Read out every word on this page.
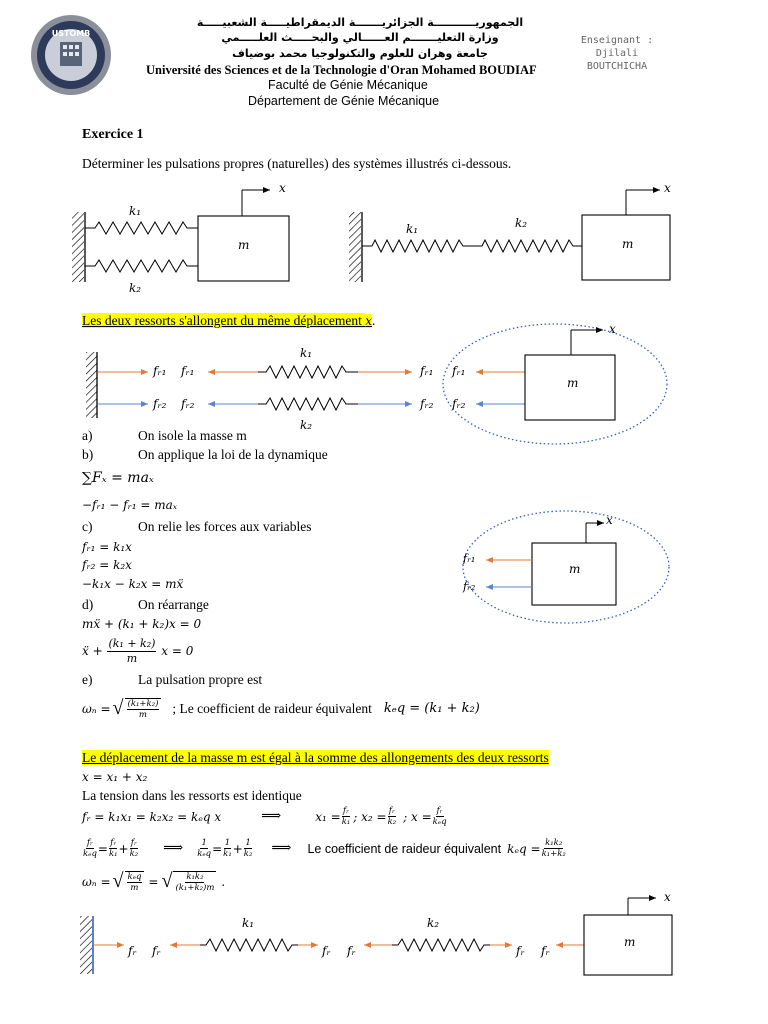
USTOMB
الجمهوريـــــــــــة الجزائريـــــــة الديمقراطيـــــة الشعبيـــــة
وزارة التعليـــــــم العــــــالي والبحـــــث العلـــــمي
جامعة وهران للعلوم والتكنولوجيا محمد بوضياف
Université des Sciences et de la Technologie d'Oran Mohamed BOUDIAF
Faculté de Génie Mécanique
Département de Génie Mécanique
Enseignant :
Djilali
BOUTCHICHA
Exercice 1
Déterminer les pulsations propres (naturelles) des systèmes illustrés ci-dessous.
k₁
k₂
m
x
k₁	k₂
m
x
k₁
k₂
fᵣ₁ fᵣ₁
fᵣ₂ fᵣ₂
fᵣ₁ fᵣ₁
fᵣ₂ fᵣ₂
m
x
fᵣ₁
fᵣ₂
m
x
k₁	k₂
fᵣ fᵣ	fᵣ fᵣ	fᵣ fᵣ
m
x
Les deux ressorts s'allongent du même déplacement x.
a)	On isole la masse m
b)	On applique la loi de la dynamique
∑Fₓ = maₓ
−fᵣ₁ − fᵣ₁ = maₓ
c)	On relie les forces aux variables
fᵣ₁ = k₁x
fᵣ₂ = k₂x
−k₁x − k₂x = mẍ
d)	On réarrange
mẍ + (k₁ + k₂)x = 0
ẍ + $\frac{\text{(k₁ + k₂)}}{m}$ x = 0
e)	La pulsation propre est
ωₙ = √ $\frac{\text{(k₁+k₂)}}{m}$ ; Le coefficient de raideur équivalent kₑq = (k₁ + k₂)
Le déplacement de la masse m est égal à la somme des allongements des deux ressorts
x = x₁ + x₂
La tension dans les ressorts est identique
fᵣ = k₁x₁ = k₂x₂ = kₑq x	⟹	$x_1 = \frac{\text{fᵣ}}{\text{k₁}}$ ; $x_2 = \frac{\text{fᵣ}}{\text{k₂}}$ ; $x = \frac{\text{fᵣ}}{\text{kₑq}}$
$\frac{\text{fᵣ}}{\text{kₑq}} = \frac{\text{fᵣ}}{\text{k₁}} + \frac{\text{fᵣ}}{\text{k₂}}$ ⟹ $\frac{1}{\text{kₑq}} = \frac{1}{\text{k₁}} + \frac{1}{\text{k₂}}$ ⟹ Le coefficient de raideur équivalent $k_eq = \frac{\text{k₁k₂}}{\text{k₁+k₂}}$
ωₙ = √ $\frac{\text{kₑq}}{m}$ = √ $\frac{\text{k₁k₂}}{\text{(k₁+k₂)m}}$ .
